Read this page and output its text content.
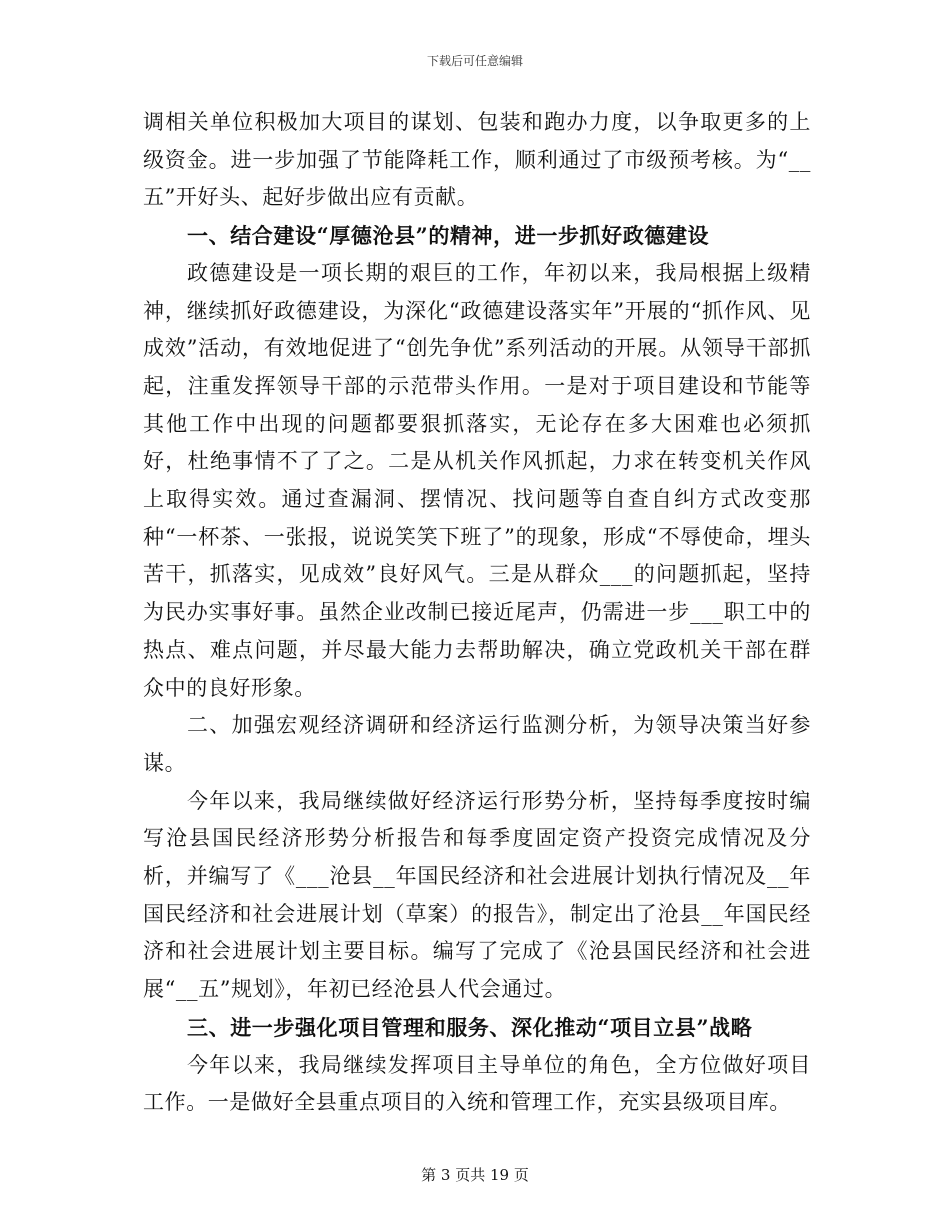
下载后可任意编辑

调相关单位积极加大项目的谋划、包装和跑办力度，以争取更多的上级资金。进一步加强了节能降耗工作，顺利通过了市级预考核。为“__五”开好头、起好步做出应有贡献。

一、结合建设“厚德沧县”的精神，进一步抓好政德建设

政德建设是一项长期的艰巨的工作，年初以来，我局根据上级精神，继续抓好政德建设，为深化“政德建设落实年”开展的“抓作风、见成效”活动，有效地促进了“创先争优”系列活动的开展。从领导干部抓起，注重发挥领导干部的示范带头作用。一是对于项目建设和节能等其他工作中出现的问题都要狠抓落实，无论存在多大困难也必须抓好，杜绝事情不了了之。二是从机关作风抓起，力求在转变机关作风上取得实效。通过查漏洞、摆情况、找问题等自查自纠方式改变那种“一杯茶、一张报，说说笑笑下班了”的现象，形成“不辱使命，埋头苦干，抓落实，见成效”良好风气。三是从群众___的问题抓起，坚持为民办实事好事。虽然企业改制已接近尾声，仍需进一步___职工中的热点、难点问题，并尽最大能力去帮助解决，确立党政机关干部在群众中的良好形象。

二、加强宏观经济调研和经济运行监测分析，为领导决策当好参谋。

今年以来，我局继续做好经济运行形势分析，坚持每季度按时编写沧县国民经济形势分析报告和每季度固定资产投资完成情况及分析，并编写了《___沧县__年国民经济和社会进展计划执行情况及__年国民经济和社会进展计划（草案）的报告》，制定出了沧县__年国民经济和社会进展计划主要目标。编写了完成了《沧县国民经济和社会进展“__五”规划》，年初已经沧县人代会通过。

三、进一步强化项目管理和服务、深化推动“项目立县”战略

今年以来，我局继续发挥项目主导单位的角色，全方位做好项目工作。一是做好全县重点项目的入统和管理工作，充实县级项目库。

第 3 页共 19 页
